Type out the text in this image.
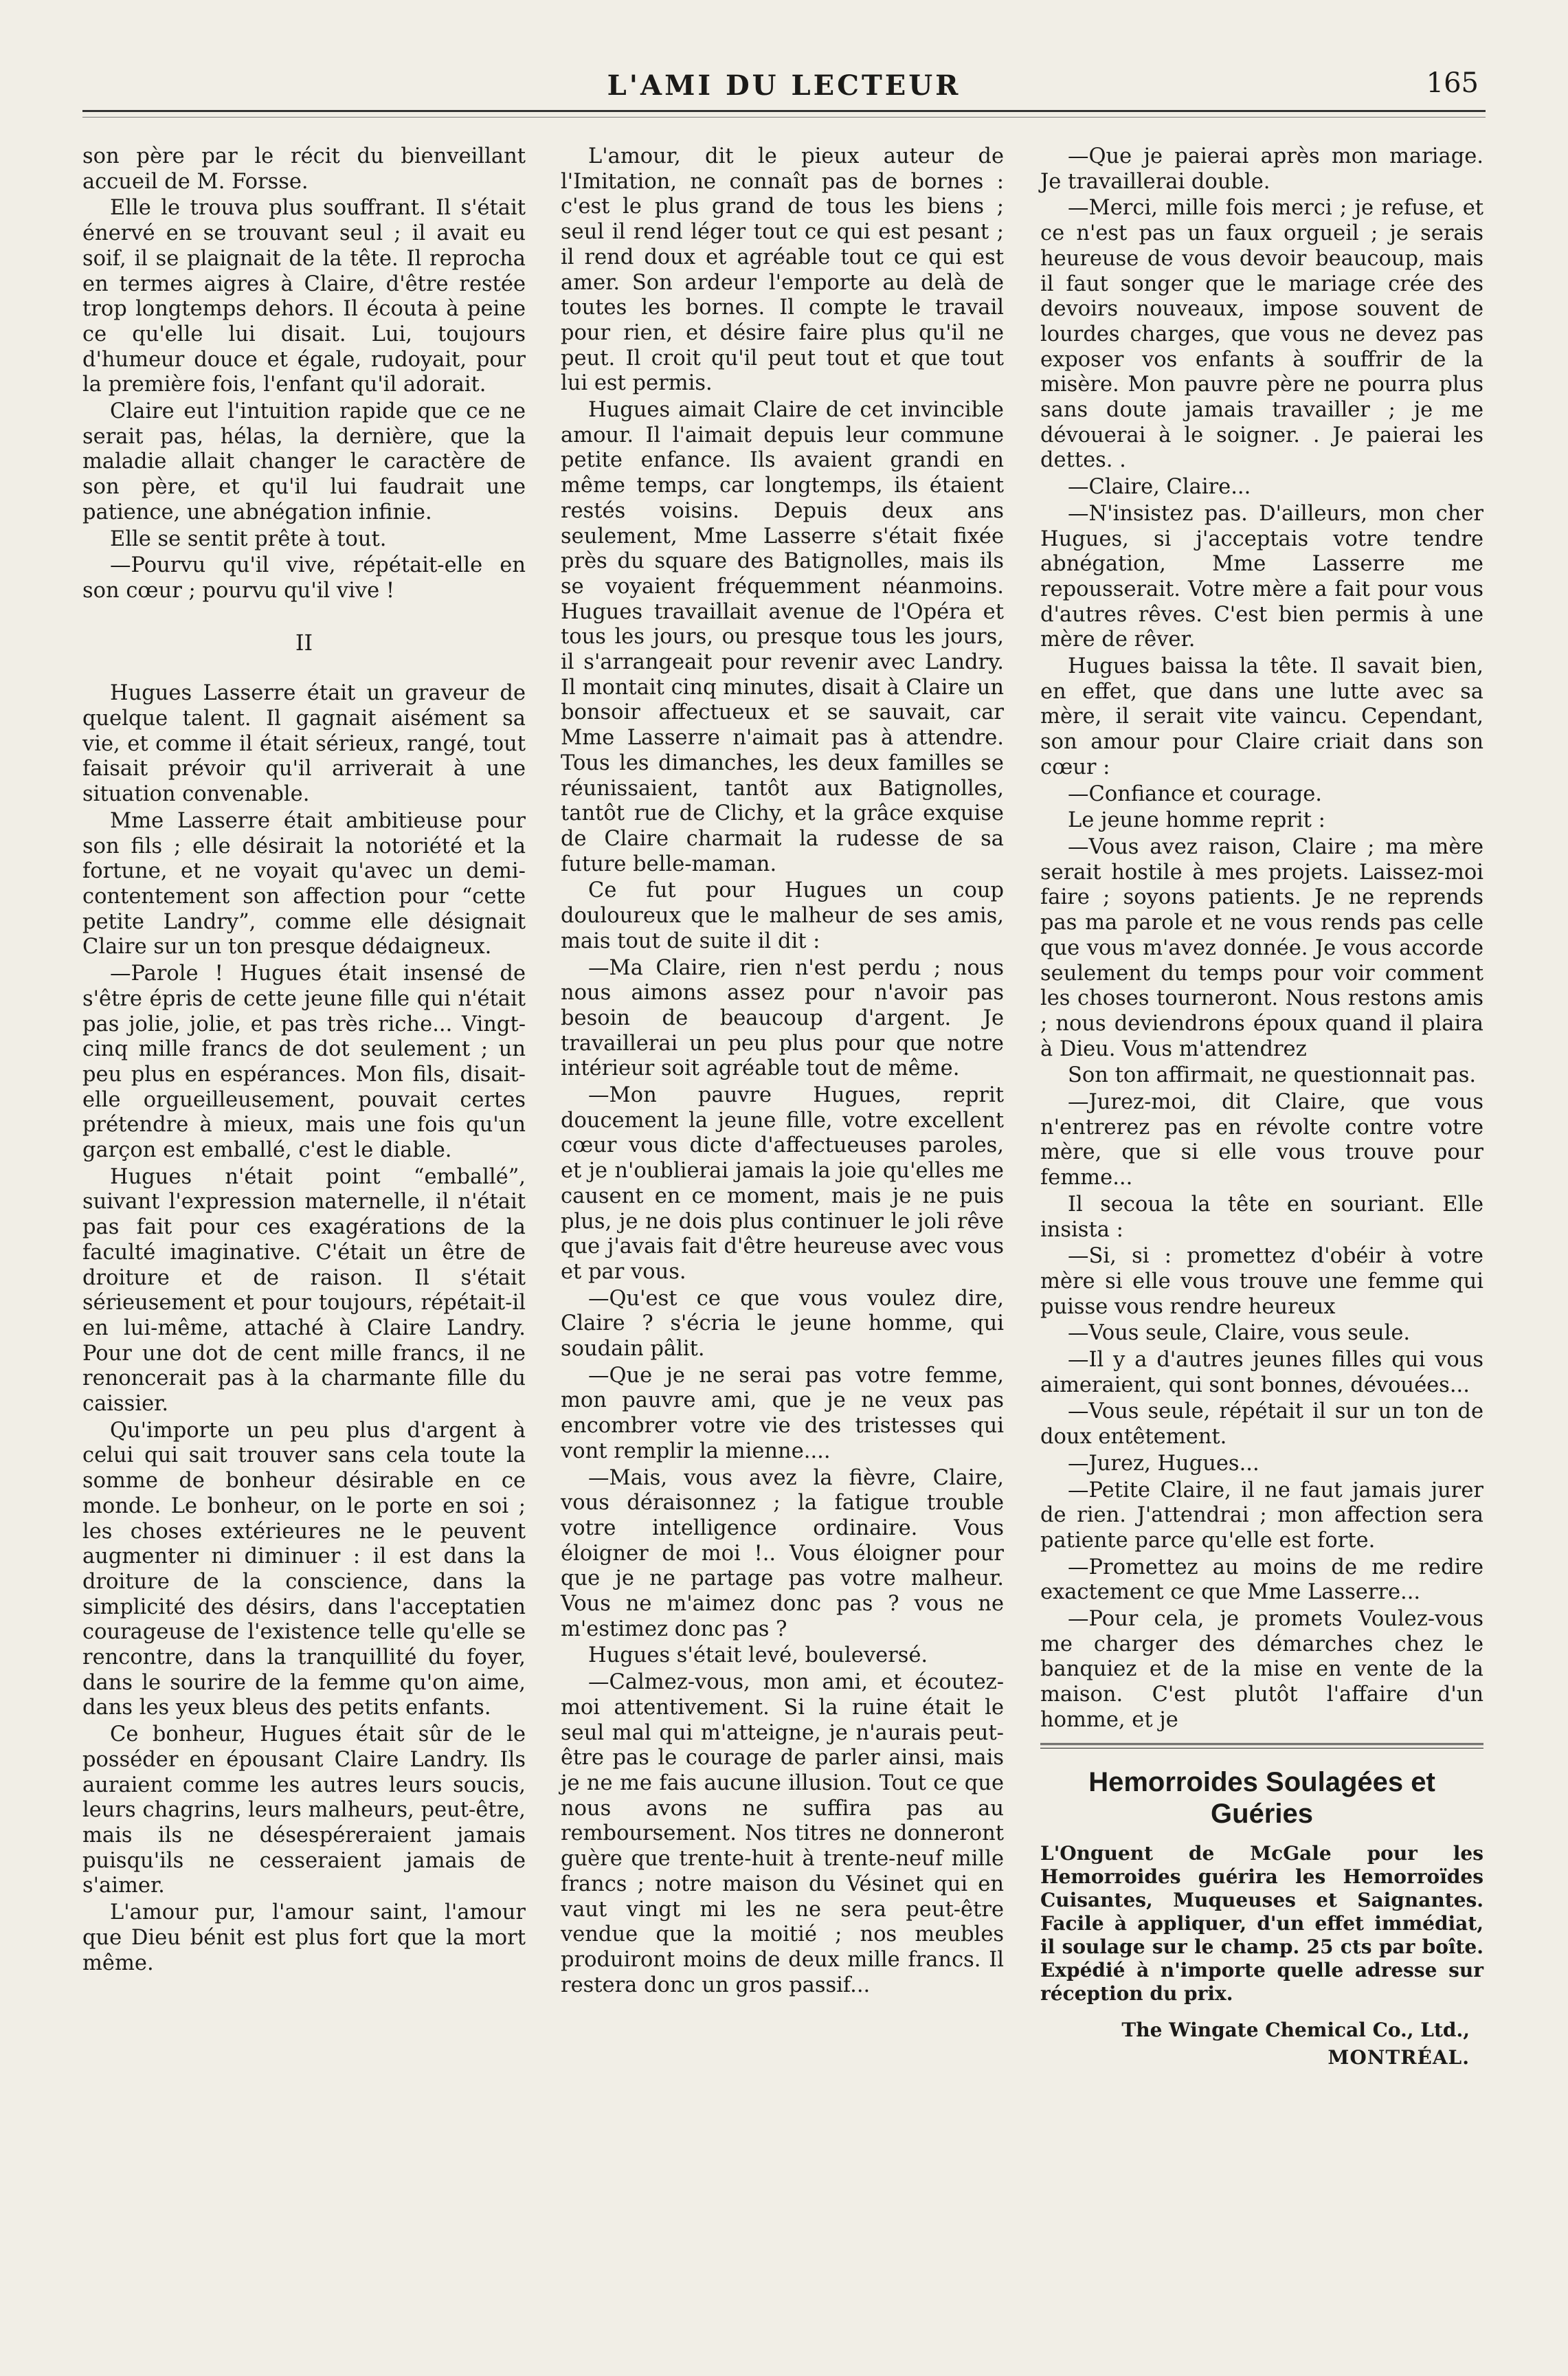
L'AMI DU LECTEUR	165

son père par le récit du bienveillant accueil de M. Forsse.

Elle le trouva plus souffrant. Il s'était énervé en se trouvant seul ; il avait eu soif, il se plaignait de la tête. Il reprocha en termes aigres à Claire, d'être restée trop longtemps dehors. Il écouta à peine ce qu'elle lui disait. Lui, toujours d'humeur douce et égale, rudoyait, pour la première fois, l'enfant qu'il adorait.

Claire eut l'intuition rapide que ce ne serait pas, hélas, la dernière, que la maladie allait changer le caractère de son père, et qu'il lui faudrait une patience, une abnégation infinie.

Elle se sentit prête à tout.

—Pourvu qu'il vive, répétait-elle en son cœur ; pourvu qu'il vive !

II

Hugues Lasserre était un graveur de quelque talent. Il gagnait aisément sa vie, et comme il était sérieux, rangé, tout faisait prévoir qu'il arriverait à une situation convenable.

Mme Lasserre était ambitieuse pour son fils ; elle désirait la notoriété et la fortune, et ne voyait qu'avec un demi-contentement son affection pour “cette petite Landry”, comme elle désignait Claire sur un ton presque dédaigneux.

—Parole ! Hugues était insensé de s'être épris de cette jeune fille qui n'était pas jolie, jolie, et pas très riche... Vingt-cinq mille francs de dot seulement ; un peu plus en espérances. Mon fils, disait-elle orgueilleusement, pouvait certes prétendre à mieux, mais une fois qu'un garçon est emballé, c'est le diable.

Hugues n'était point “emballé”, suivant l'expression maternelle, il n'était pas fait pour ces exagérations de la faculté imaginative. C'était un être de droiture et de raison. Il s'était sérieusement et pour toujours, répétait-il en lui-même, attaché à Claire Landry. Pour une dot de cent mille francs, il ne renoncerait pas à la charmante fille du caissier.

Qu'importe un peu plus d'argent à celui qui sait trouver sans cela toute la somme de bonheur désirable en ce monde. Le bonheur, on le porte en soi ; les choses extérieures ne le peuvent augmenter ni diminuer : il est dans la droiture de la conscience, dans la simplicité des désirs, dans l'acceptatien courageuse de l'existence telle qu'elle se rencontre, dans la tranquillité du foyer, dans le sourire de la femme qu'on aime, dans les yeux bleus des petits enfants.

Ce bonheur, Hugues était sûr de le posséder en épousant Claire Landry. Ils auraient comme les autres leurs soucis, leurs chagrins, leurs malheurs, peut-être, mais ils ne désespéreraient jamais puisqu'ils ne cesseraient jamais de s'aimer.

L'amour pur, l'amour saint, l'amour que Dieu bénit est plus fort que la mort même.

L'amour, dit le pieux auteur de l'Imitation, ne connaît pas de bornes : c'est le plus grand de tous les biens ; seul il rend léger tout ce qui est pesant ; il rend doux et agréable tout ce qui est amer. Son ardeur l'emporte au delà de toutes les bornes. Il compte le travail pour rien, et désire faire plus qu'il ne peut. Il croit qu'il peut tout et que tout lui est permis.

Hugues aimait Claire de cet invincible amour. Il l'aimait depuis leur commune petite enfance. Ils avaient grandi en même temps, car longtemps, ils étaient restés voisins. Depuis deux ans seulement, Mme Lasserre s'était fixée près du square des Batignolles, mais ils se voyaient fréquemment néanmoins. Hugues travaillait avenue de l'Opéra et tous les jours, ou presque tous les jours, il s'arrangeait pour revenir avec Landry. Il montait cinq minutes, disait à Claire un bonsoir affectueux et se sauvait, car Mme Lasserre n'aimait pas à attendre. Tous les dimanches, les deux familles se réunissaient, tantôt aux Batignolles, tantôt rue de Clichy, et la grâce exquise de Claire charmait la rudesse de sa future belle-maman.

Ce fut pour Hugues un coup douloureux que le malheur de ses amis, mais tout de suite il dit :

—Ma Claire, rien n'est perdu ; nous nous aimons assez pour n'avoir pas besoin de beaucoup d'argent. Je travaillerai un peu plus pour que notre intérieur soit agréable tout de même.

—Mon pauvre Hugues, reprit doucement la jeune fille, votre excellent cœur vous dicte d'affectueuses paroles, et je n'oublierai jamais la joie qu'elles me causent en ce moment, mais je ne puis plus, je ne dois plus continuer le joli rêve que j'avais fait d'être heureuse avec vous et par vous.

—Qu'est ce que vous voulez dire, Claire ? s'écria le jeune homme, qui soudain pâlit.

—Que je ne serai pas votre femme, mon pauvre ami, que je ne veux pas encombrer votre vie des tristesses qui vont remplir la mienne....

—Mais, vous avez la fièvre, Claire, vous déraisonnez ; la fatigue trouble votre intelligence ordinaire. Vous éloigner de moi !.. Vous éloigner pour que je ne partage pas votre malheur. Vous ne m'aimez donc pas ? vous ne m'estimez donc pas ?

Hugues s'était levé, bouleversé.

—Calmez-vous, mon ami, et écoutez-moi attentivement. Si la ruine était le seul mal qui m'atteigne, je n'aurais peut-être pas le courage de parler ainsi, mais je ne me fais aucune illusion. Tout ce que nous avons ne suffira pas au remboursement. Nos titres ne donneront guère que trente-huit à trente-neuf mille francs ; notre maison du Vésinet qui en vaut vingt mi les ne sera peut-être vendue que la moitié ; nos meubles produiront moins de deux mille francs. Il restera donc un gros passif...

—Que je paierai après mon mariage. Je travaillerai double.

—Merci, mille fois merci ; je refuse, et ce n'est pas un faux orgueil ; je serais heureuse de vous devoir beaucoup, mais il faut songer que le mariage crée des devoirs nouveaux, impose souvent de lourdes charges, que vous ne devez pas exposer vos enfants à souffrir de la misère. Mon pauvre père ne pourra plus sans doute jamais travailler ; je me dévouerai à le soigner. . Je paierai les dettes. .

—Claire, Claire...

—N'insistez pas. D'ailleurs, mon cher Hugues, si j'acceptais votre tendre abnégation, Mme Lasserre me repousserait. Votre mère a fait pour vous d'autres rêves. C'est bien permis à une mère de rêver.

Hugues baissa la tête. Il savait bien, en effet, que dans une lutte avec sa mère, il serait vite vaincu. Cependant, son amour pour Claire criait dans son cœur :

—Confiance et courage.

Le jeune homme reprit :

—Vous avez raison, Claire ; ma mère serait hostile à mes projets. Laissez-moi faire ; soyons patients. Je ne reprends pas ma parole et ne vous rends pas celle que vous m'avez donnée. Je vous accorde seulement du temps pour voir comment les choses tourneront. Nous restons amis ; nous deviendrons époux quand il plaira à Dieu. Vous m'attendrez

Son ton affirmait, ne questionnait pas.

—Jurez-moi, dit Claire, que vous n'entrerez pas en révolte contre votre mère, que si elle vous trouve pour femme...

Il secoua la tête en souriant. Elle insista :

—Si, si : promettez d'obéir à votre mère si elle vous trouve une femme qui puisse vous rendre heureux

—Vous seule, Claire, vous seule.

—Il y a d'autres jeunes filles qui vous aimeraient, qui sont bonnes, dévouées...

—Vous seule, répétait il sur un ton de doux entêtement.

—Jurez, Hugues...

—Petite Claire, il ne faut jamais jurer de rien. J'attendrai ; mon affection sera patiente parce qu'elle est forte.

—Promettez au moins de me redire exactement ce que Mme Lasserre...

—Pour cela, je promets Voulez-vous me charger des démarches chez le banquiez et de la mise en vente de la maison. C'est plutôt l'affaire d'un homme, et je

Hemorroides Soulagées et Guéries
L'Onguent de McGale pour les Hemorroides guérira les Hemorroïdes Cuisantes, Muqueuses et Saignantes. Facile à appliquer, d'un effet immédiat, il soulage sur le champ. 25 cts par boîte. Expédié à n'importe quelle adresse sur réception du prix.
The Wingate Chemical Co., Ltd.,
MONTRÉAL.
